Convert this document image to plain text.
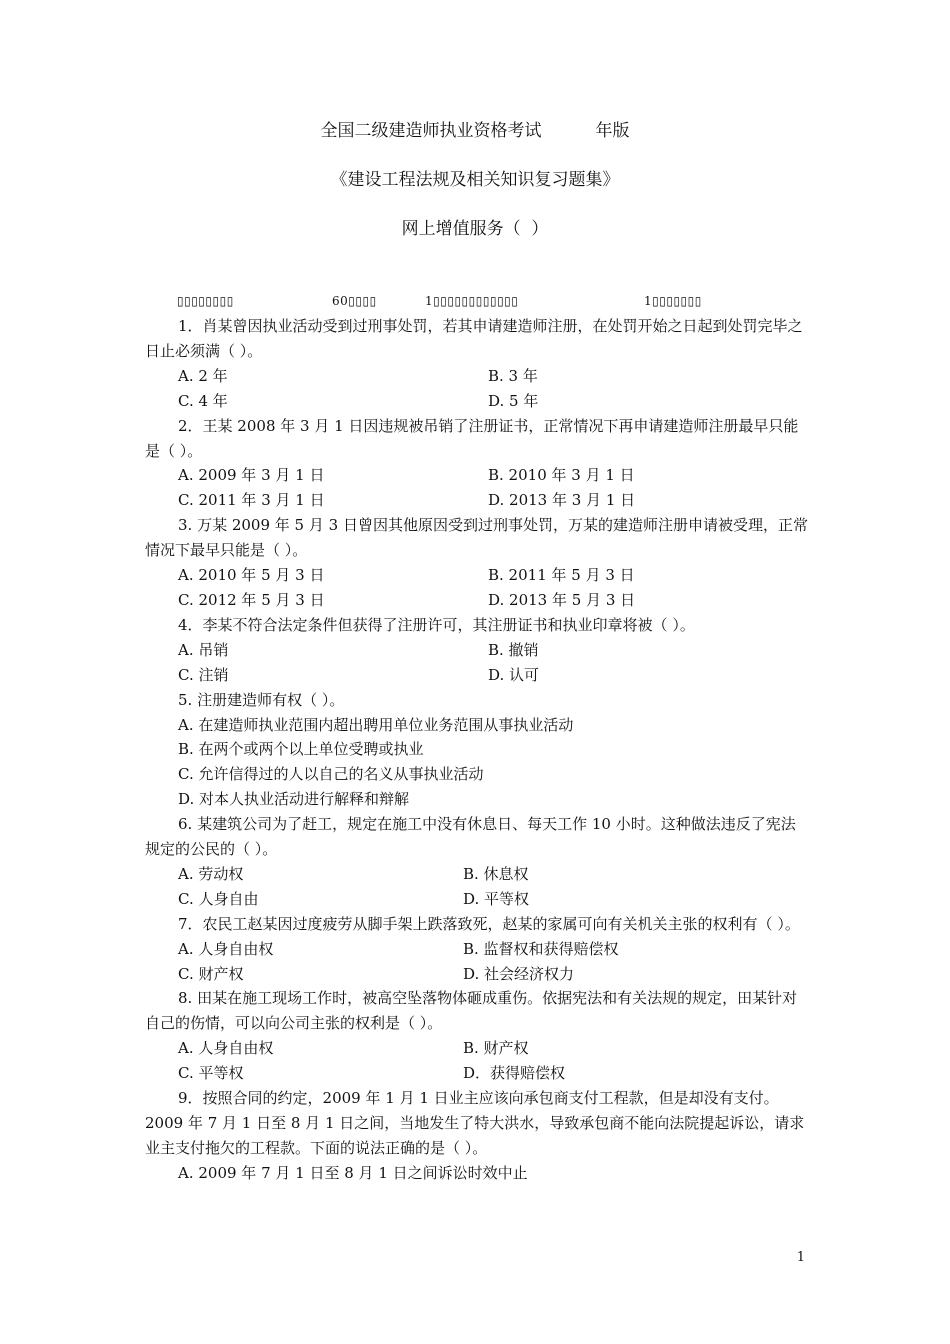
全国二级建造师执业资格考试          年版
《建设工程法规及相关知识复习题集》
网上增值服务（  ）
▯▯▯▯▯▯▯▯	60▯▯▯▯	1▯▯▯▯▯▯▯▯▯▯▯▯	1▯▯▯▯▯▯▯

1．肖某曾因执业活动受到过刑事处罚，若其申请建造师注册，在处罚开始之日起到处罚完毕之日止必须满（ ）。

A. 2 年	B. 3 年
C. 4 年	D. 5 年

2．王某 2008 年 3 月 1 日因违规被吊销了注册证书，正常情况下再申请建造师注册最早只能是（ ）。

A. 2009 年 3 月 1 日	B. 2010 年 3 月 1 日
C. 2011 年 3 月 1 日	D. 2013 年 3 月 1 日

3. 万某 2009 年 5 月 3 日曾因其他原因受到过刑事处罚，万某的建造师注册申请被受理，正常情况下最早只能是（ ）。

A. 2010 年 5 月 3 日	B. 2011 年 5 月 3 日
C. 2012 年 5 月 3 日	D. 2013 年 5 月 3 日

4．李某不符合法定条件但获得了注册许可，其注册证书和执业印章将被（ ）。

A. 吊销	B. 撤销
C. 注销	D. 认可

5. 注册建造师有权（ ）。

A. 在建造师执业范围内超出聘用单位业务范围从事执业活动

B. 在两个或两个以上单位受聘或执业

C. 允许信得过的人以自己的名义从事执业活动

D. 对本人执业活动进行解释和辩解

6. 某建筑公司为了赶工，规定在施工中没有休息日、每天工作 10 小时。这种做法违反了宪法规定的公民的（ ）。

A. 劳动权	B. 休息权
C. 人身自由	D. 平等权

7．农民工赵某因过度疲劳从脚手架上跌落致死，赵某的家属可向有关机关主张的权利有（ ）。

A. 人身自由权	B. 监督权和获得赔偿权
C. 财产权	D. 社会经济权力

8. 田某在施工现场工作时，被高空坠落物体砸成重伤。依据宪法和有关法规的规定，田某针对自己的伤情，可以向公司主张的权利是（ ）。

A. 人身自由权	B. 财产权
C. 平等权	D．获得赔偿权

9．按照合同的约定，2009 年 1 月 1 日业主应该向承包商支付工程款，但是却没有支付。2009 年 7 月 1 日至 8 月 1 日之间，当地发生了特大洪水，导致承包商不能向法院提起诉讼，请求业主支付拖欠的工程款。下面的说法正确的是（ ）。

A. 2009 年 7 月 1 日至 8 月 1 日之间诉讼时效中止

1
